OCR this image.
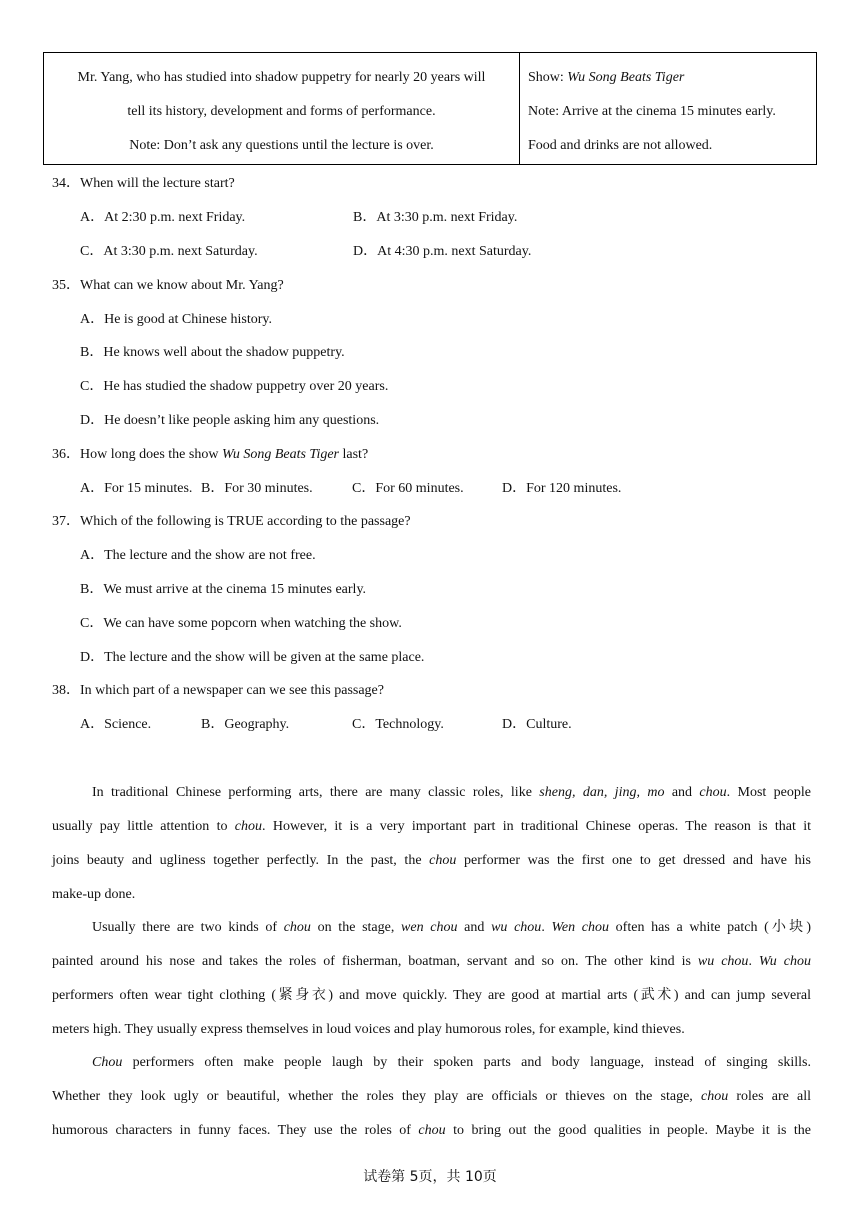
Mr. Yang, who has studied into shadow puppetry for nearly 20 years will
tell its history, development and forms of performance.
Note: Don’t ask any questions until the lecture is over.
Show: Wu Song Beats Tiger
Note: Arrive at the cinema 15 minutes early.
Food and drinks are not allowed.
34．When will the lecture start?
A．At 2:30 p.m. next Friday.	B．At 3:30 p.m. next Friday.
C．At 3:30 p.m. next Saturday.	D．At 4:30 p.m. next Saturday.
35．What can we know about Mr. Yang?
A．He is good at Chinese history.
B．He knows well about the shadow puppetry.
C．He has studied the shadow puppetry over 20 years.
D．He doesn’t like people asking him any questions.
36．How long does the show Wu Song Beats Tiger last?
A．For 15 minutes. B．For 30 minutes.	C．For 60 minutes.	D．For 120 minutes.
37．Which of the following is TRUE according to the passage?
A．The lecture and the show are not free.
B．We must arrive at the cinema 15 minutes early.
C．We can have some popcorn when watching the show.
D．The lecture and the show will be given at the same place.
38．In which part of a newspaper can we see this passage?
A．Science.	B．Geography.	C．Technology.	D．Culture.
In traditional Chinese performing arts, there are many classic roles, like sheng, dan, jing, mo and chou. Most people
usually pay little attention to chou. However, it is a very important part in traditional Chinese operas. The reason is that it
joins beauty and ugliness together perfectly. In the past, the chou performer was the first one to get dressed and have his
make-up done.
Usually there are two kinds of chou on the stage, wen chou and wu chou. Wen chou often has a white patch (小块)
painted around his nose and takes the roles of fisherman, boatman, servant and so on. The other kind is wu chou. Wu chou
performers often wear tight clothing (紧身衣) and move quickly. They are good at martial arts (武术) and can jump several
meters high. They usually express themselves in loud voices and play humorous roles, for example, kind thieves.
Chou performers often make people laugh by their spoken parts and body language, instead of singing skills.
Whether they look ugly or beautiful, whether the roles they play are officials or thieves on the stage, chou roles are all
humorous characters in funny faces. They use the roles of chou to bring out the good qualities in people. Maybe it is the
试卷第 5页，共 10页
